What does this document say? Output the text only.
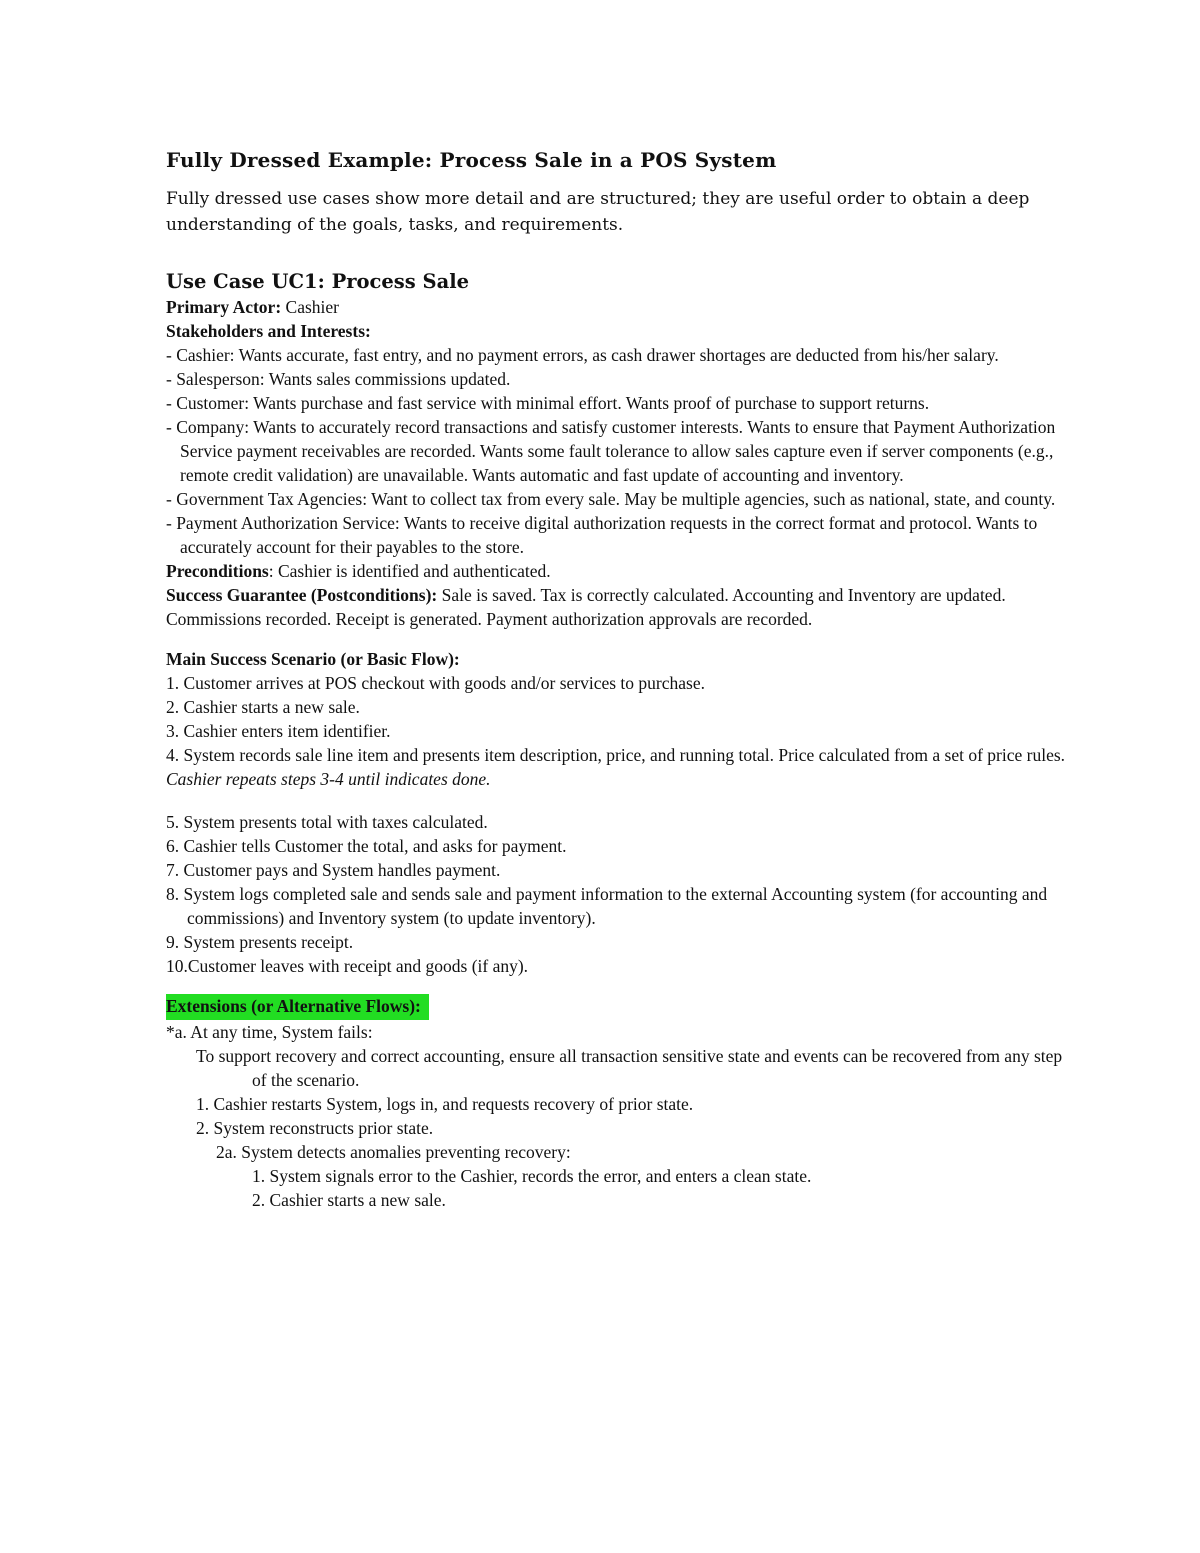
Fully Dressed Example: Process Sale in a POS System

Fully dressed use cases show more detail and are structured; they are useful order to obtain a deep understanding of the goals, tasks, and requirements.

Use Case UC1: Process Sale

Primary Actor: Cashier

Stakeholders and Interests:

- Cashier: Wants accurate, fast entry, and no payment errors, as cash drawer shortages are deducted from his/her salary.

- Salesperson: Wants sales commissions updated.

- Customer: Wants purchase and fast service with minimal effort. Wants proof of purchase to support returns.

- Company: Wants to accurately record transactions and satisfy customer interests. Wants to ensure that Payment Authorization Service payment receivables are recorded. Wants some fault tolerance to allow sales capture even if server components (e.g., remote credit validation) are unavailable. Wants automatic and fast update of accounting and inventory.

- Government Tax Agencies: Want to collect tax from every sale. May be multiple agencies, such as national, state, and county.

- Payment Authorization Service: Wants to receive digital authorization requests in the correct format and protocol. Wants to accurately account for their payables to the store.

Preconditions: Cashier is identified and authenticated.

Success Guarantee (Postconditions): Sale is saved. Tax is correctly calculated. Accounting and Inventory are updated. Commissions recorded. Receipt is generated. Payment authorization approvals are recorded.

Main Success Scenario (or Basic Flow):

1. Customer arrives at POS checkout with goods and/or services to purchase.

2. Cashier starts a new sale.

3. Cashier enters item identifier.

4. System records sale line item and presents item description, price, and running total. Price calculated from a set of price rules.

Cashier repeats steps 3-4 until indicates done.

5. System presents total with taxes calculated.

6. Cashier tells Customer the total, and asks for payment.

7. Customer pays and System handles payment.

8. System logs completed sale and sends sale and payment information to the external Accounting system (for accounting and commissions) and Inventory system (to update inventory).

9. System presents receipt.

10.Customer leaves with receipt and goods (if any).

Extensions (or Alternative Flows):

*a. At any time, System fails:

To support recovery and correct accounting, ensure all transaction sensitive state and events can be recovered from any step of the scenario.

1. Cashier restarts System, logs in, and requests recovery of prior state.

2. System reconstructs prior state.

2a. System detects anomalies preventing recovery:

1. System signals error to the Cashier, records the error, and enters a clean state.

2. Cashier starts a new sale.
